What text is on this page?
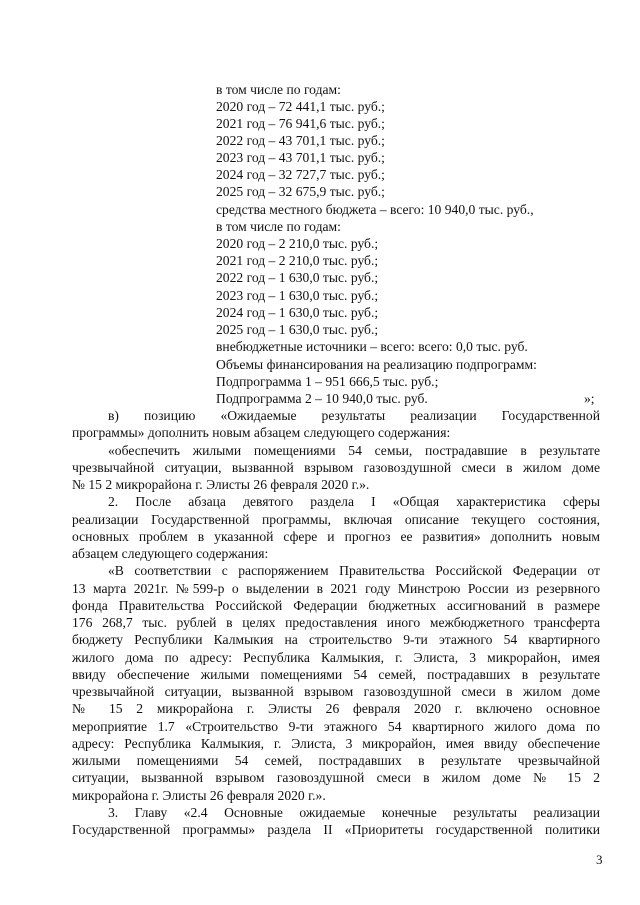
в том числе по годам:
2020 год – 72 441,1 тыс. руб.;
2021 год – 76 941,6 тыс. руб.;
2022 год – 43 701,1 тыс. руб.;
2023 год – 43 701,1 тыс. руб.;
2024 год – 32 727,7 тыс. руб.;
2025 год – 32 675,9 тыс. руб.;
средства местного бюджета – всего: 10 940,0 тыс. руб.,
в том числе по годам:
2020 год – 2 210,0 тыс. руб.;
2021 год – 2 210,0 тыс. руб.;
2022 год – 1 630,0 тыс. руб.;
2023 год – 1 630,0 тыс. руб.;
2024 год – 1 630,0 тыс. руб.;
2025 год – 1 630,0 тыс. руб.;
внебюджетные источники – всего: всего: 0,0 тыс. руб.
Объемы финансирования на реализацию подпрограмм:
Подпрограмма 1 – 951 666,5 тыс. руб.;
Подпрограмма 2 – 10 940,0 тыс. руб.	»;
в) позицию «Ожидаемые результаты реализации Государственной
программы» дополнить новым абзацем следующего содержания:
«обеспечить жилыми помещениями 54 семьи, пострадавшие в результате
чрезвычайной ситуации, вызванной взрывом газовоздушной смеси в жилом доме
№ 15 2 микрорайона г. Элисты 26 февраля 2020 г.».
2. После абзаца девятого раздела I «Общая характеристика сферы
реализации Государственной программы, включая описание текущего состояния,
основных проблем в указанной сфере и прогноз ее развития» дополнить новым
абзацем следующего содержания:
«В соответствии с распоряжением Правительства Российской Федерации от
13 марта 2021г. №599-р о выделении в 2021 году Минстрою России из резервного
фонда Правительства Российской Федерации бюджетных ассигнований в размере
176 268,7 тыс. рублей в целях предоставления иного межбюджетного трансферта
бюджету Республики Калмыкия на строительство 9-ти этажного 54 квартирного
жилого дома по адресу: Республика Калмыкия, г. Элиста, 3 микрорайон, имея
ввиду обеспечение жилыми помещениями 54 семей, пострадавших в результате
чрезвычайной ситуации, вызванной взрывом газовоздушной смеси в жилом доме
№ 15 2 микрорайона г. Элисты 26 февраля 2020 г. включено основное
мероприятие 1.7 «Строительство 9-ти этажного 54 квартирного жилого дома по
адресу: Республика Калмыкия, г. Элиста, 3 микрорайон, имея ввиду обеспечение
жилыми помещениями 54 семей, пострадавших в результате чрезвычайной
ситуации, вызванной взрывом газовоздушной смеси в жилом доме № 15 2
микрорайона г. Элисты 26 февраля 2020 г.».
3. Главу «2.4 Основные ожидаемые конечные результаты реализации
Государственной программы» раздела II «Приоритеты государственной политики
3
